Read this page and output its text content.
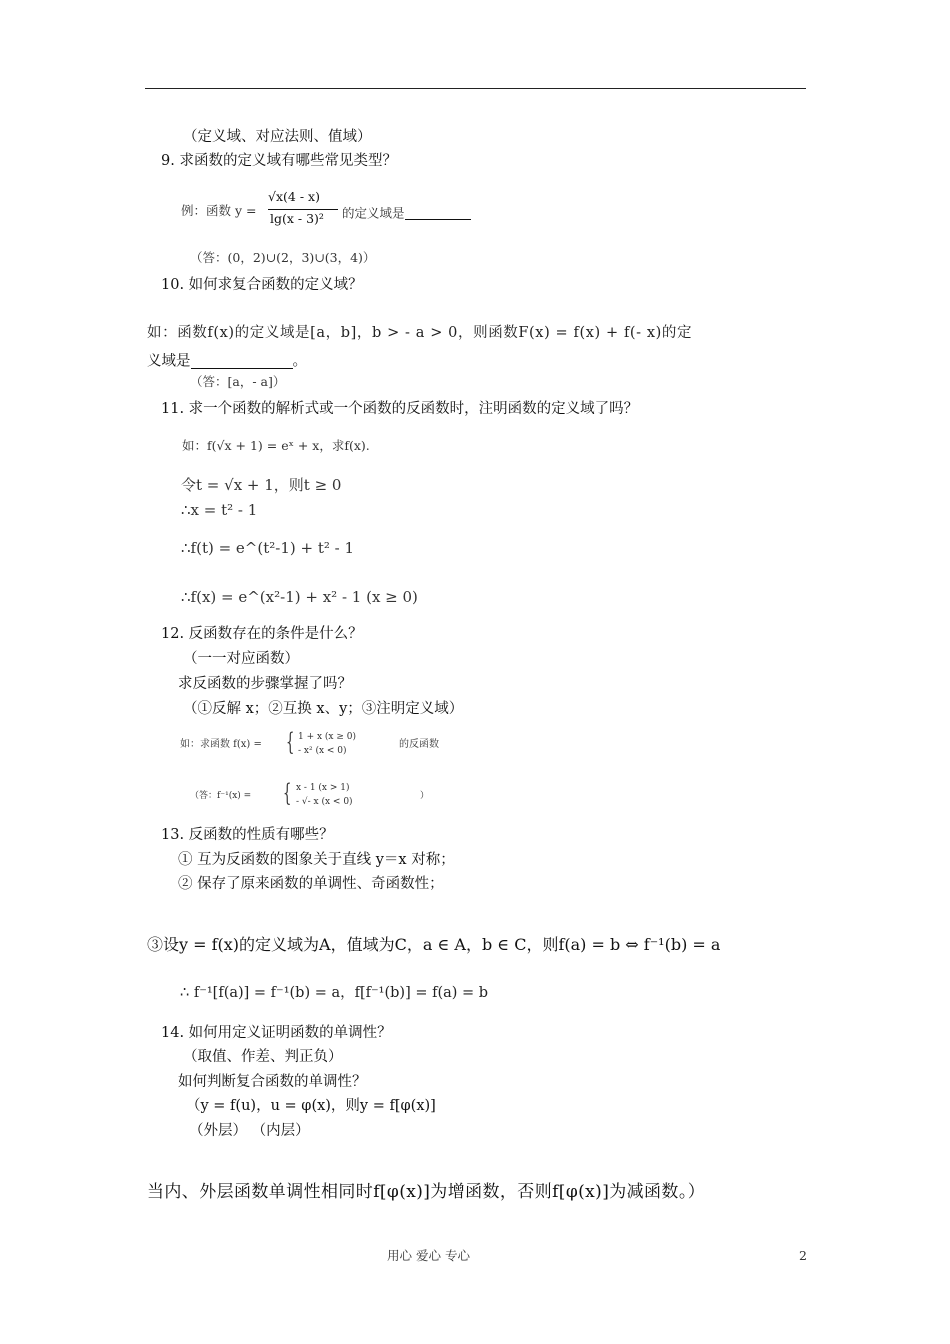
（定义域、对应法则、值域）
9. 求函数的定义域有哪些常见类型？
例：函数 y =
√x(4 - x)
lg(x - 3)² 的定义域是
（答：(0，2)∪(2，3)∪(3，4)）
10. 如何求复合函数的定义域？
如：函数f(x)的定义域是[a，b]，b > - a > 0，则函数F(x) = f(x) + f(- x)的定
义域是	。
（答：[a，- a]）
11. 求一个函数的解析式或一个函数的反函数时，注明函数的定义域了吗？
如：f(√x + 1) = eˣ + x，求f(x).
令t = √x + 1，则t ≥ 0
∴x = t² - 1
∴f(t) = e^(t²-1) + t² - 1
∴f(x) = e^(x²-1) + x² - 1 (x ≥ 0)
12. 反函数存在的条件是什么？
（一一对应函数）
求反函数的步骤掌握了吗？
（①反解 x；②互换 x、y；③注明定义域）
如：求函数 f(x) = { 1 + x (x ≥ 0)
- x² (x < 0)
的反函数
（答：f⁻¹(x) = { x - 1 (x > 1)
- √- x (x < 0)
）
13. 反函数的性质有哪些？
① 互为反函数的图象关于直线 y＝x 对称；
② 保存了原来函数的单调性、奇函数性；
③设y = f(x)的定义域为A，值域为C，a ∈ A，b ∈ C，则f(a) = b ⇔ f⁻¹(b) = a
∴ f⁻¹[f(a)] = f⁻¹(b) = a，f[f⁻¹(b)] = f(a) = b
14. 如何用定义证明函数的单调性？
（取值、作差、判正负）
如何判断复合函数的单调性？
（y = f(u)，u = φ(x)，则y = f[φ(x)]
（外层） （内层）
当内、外层函数单调性相同时f[φ(x)]为增函数，否则f[φ(x)]为减函数。）
用心 爱心 专心	2
